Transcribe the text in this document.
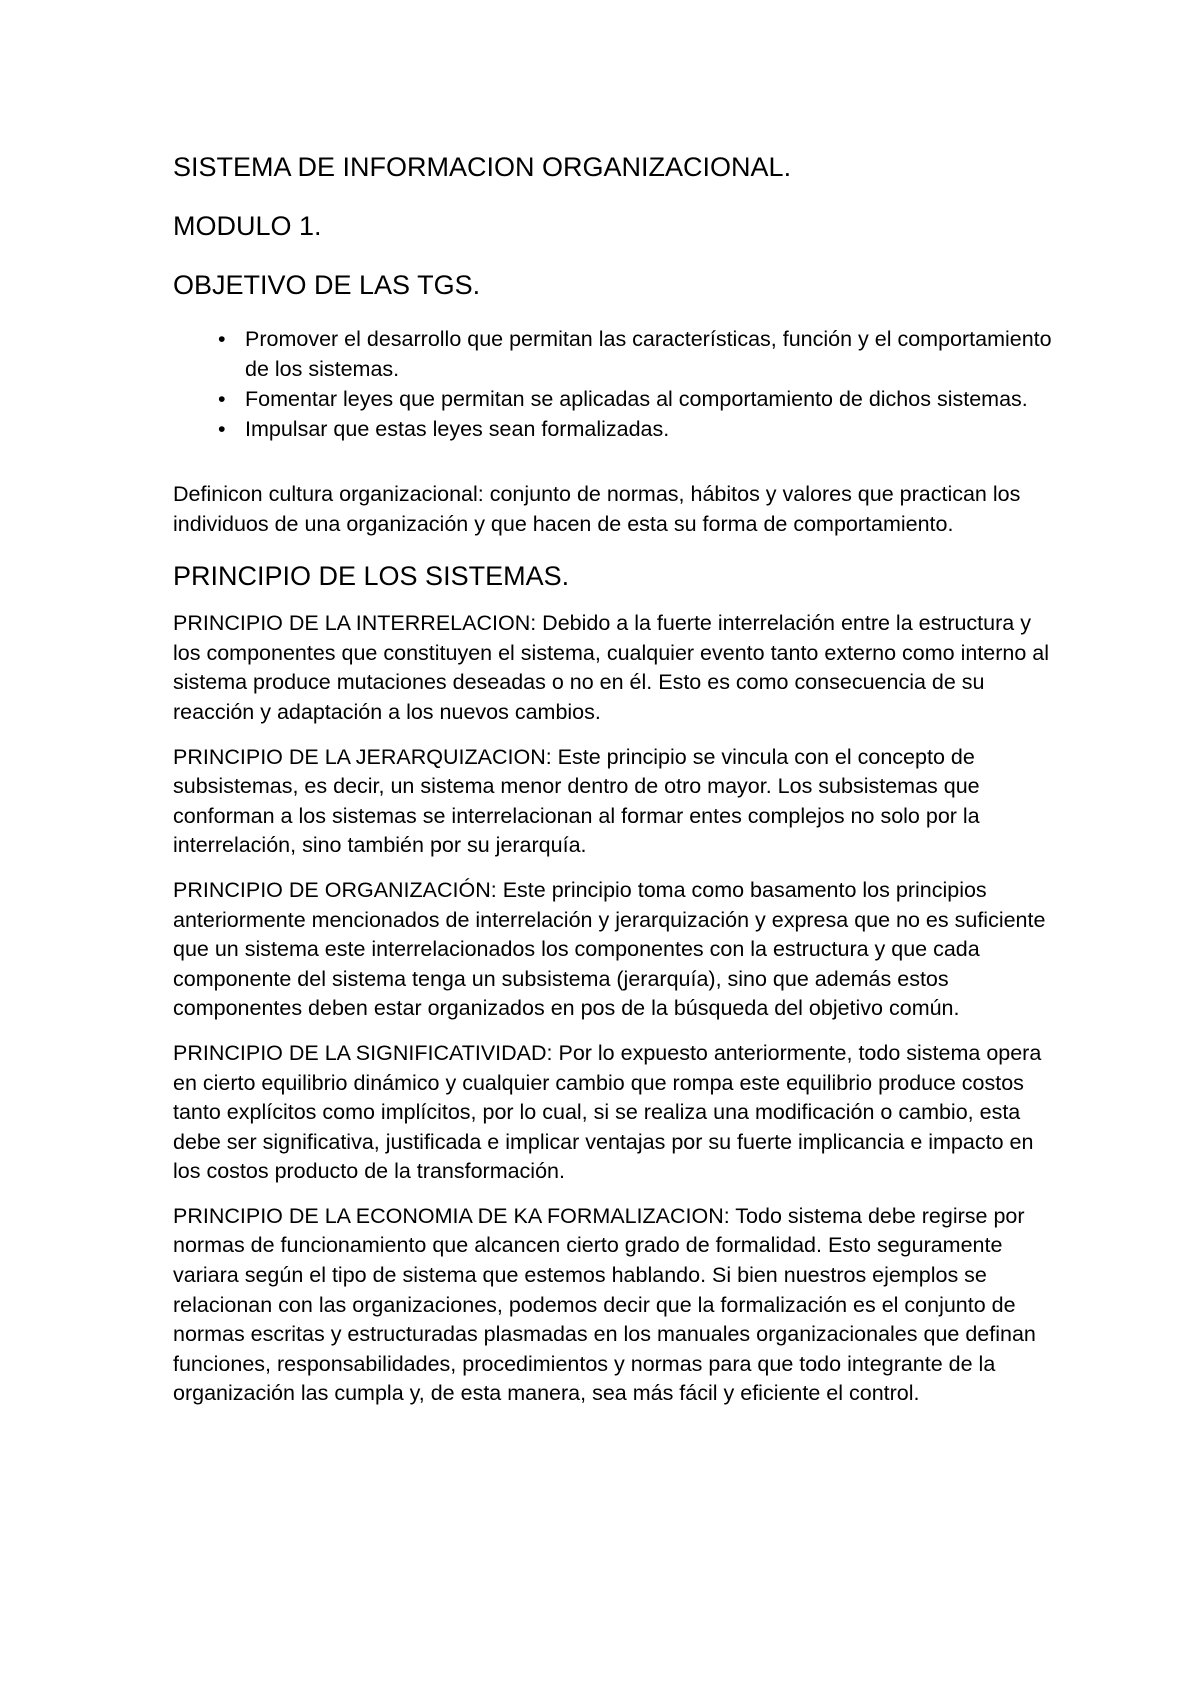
SISTEMA DE INFORMACION ORGANIZACIONAL.
MODULO 1.
OBJETIVO DE LAS TGS.
• Promover el desarrollo que permitan las características, función y el comportamiento de los sistemas.
• Fomentar leyes que permitan se aplicadas al comportamiento de dichos sistemas.
• Impulsar que estas leyes sean formalizadas.

Definicon cultura organizacional: conjunto de normas, hábitos y valores que practican los individuos de una organización y que hacen de esta su forma de comportamiento.

PRINCIPIO DE LOS SISTEMAS.

PRINCIPIO DE LA INTERRELACION: Debido a la fuerte interrelación entre la estructura y los componentes que constituyen el sistema, cualquier evento tanto externo como interno al sistema produce mutaciones deseadas o no en él. Esto es como consecuencia de su reacción y adaptación a los nuevos cambios.

PRINCIPIO DE LA JERARQUIZACION: Este principio se vincula con el concepto de subsistemas, es decir, un sistema menor dentro de otro mayor. Los subsistemas que conforman a los sistemas se interrelacionan al formar entes complejos no solo por la interrelación, sino también por su jerarquía.

PRINCIPIO DE ORGANIZACIÓN: Este principio toma como basamento los principios anteriormente mencionados de interrelación y jerarquización y expresa que no es suficiente que un sistema este interrelacionados los componentes con la estructura y que cada componente del sistema tenga un subsistema (jerarquía), sino que además estos componentes deben estar organizados en pos de la búsqueda del objetivo común.

PRINCIPIO DE LA SIGNIFICATIVIDAD: Por lo expuesto anteriormente, todo sistema opera en cierto equilibrio dinámico y cualquier cambio que rompa este equilibrio produce costos tanto explícitos como implícitos, por lo cual, si se realiza una modificación o cambio, esta debe ser significativa, justificada e implicar ventajas por su fuerte implicancia e impacto en los costos producto de la transformación.

PRINCIPIO DE LA ECONOMIA DE KA FORMALIZACION: Todo sistema debe regirse por normas de funcionamiento que alcancen cierto grado de formalidad. Esto seguramente variara según el tipo de sistema que estemos hablando. Si bien nuestros ejemplos se relacionan con las organizaciones, podemos decir que la formalización es el conjunto de normas escritas y estructuradas plasmadas en los manuales organizacionales que definan funciones, responsabilidades, procedimientos y normas para que todo integrante de la organización las cumpla y, de esta manera, sea más fácil y eficiente el control.
